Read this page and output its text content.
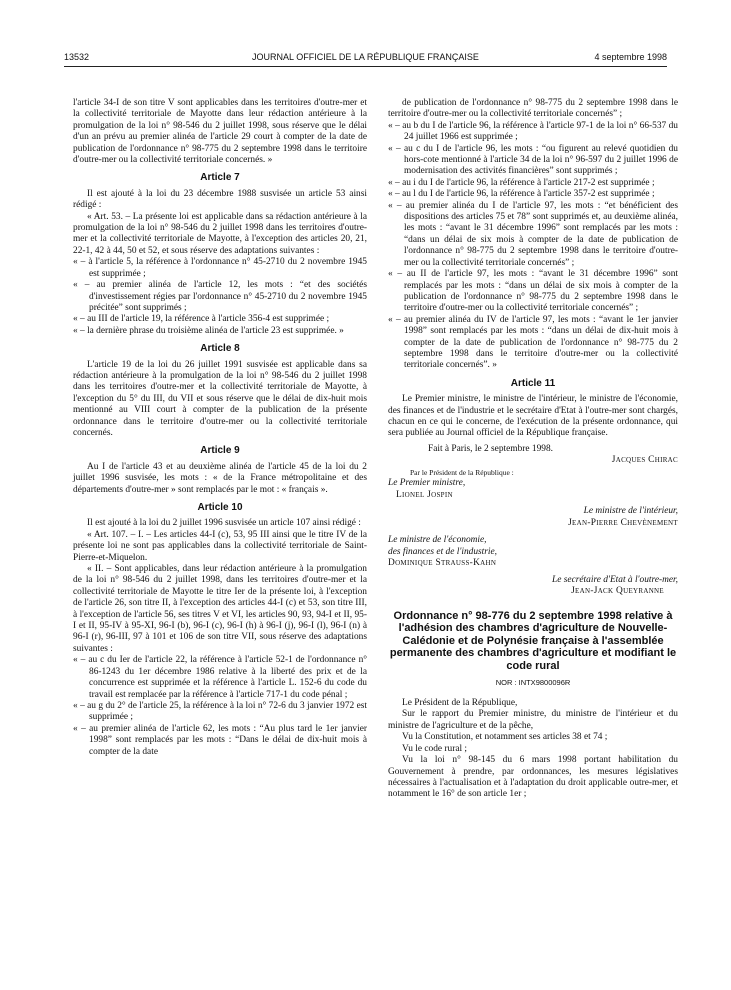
13532	JOURNAL OFFICIEL DE LA RÉPUBLIQUE FRANÇAISE	4 septembre 1998

l'article 34-I de son titre V sont applicables dans les territoires d'outre-mer et la collectivité territoriale de Mayotte dans leur rédaction antérieure à la promulgation de la loi n° 98-546 du 2 juillet 1998, sous réserve que le délai d'un an prévu au premier alinéa de l'article 29 court à compter de la date de publication de l'ordonnance n° 98-775 du 2 septembre 1998 dans le territoire d'outre-mer ou la collectivité territoriale concernés. »

Article 7

Il est ajouté à la loi du 23 décembre 1988 susvisée un article 53 ainsi rédigé :

« Art. 53. – La présente loi est applicable dans sa rédaction antérieure à la promulgation de la loi n° 98-546 du 2 juillet 1998 dans les territoires d'outre-mer et la collectivité territoriale de Mayotte, à l'exception des articles 20, 21, 22-1, 42 à 44, 50 et 52, et sous réserve des adaptations suivantes :

« – à l'article 5, la référence à l'ordonnance n° 45-2710 du 2 novembre 1945 est supprimée ;

« – au premier alinéa de l'article 12, les mots : “et des sociétés d'investissement régies par l'ordonnance n° 45-2710 du 2 novembre 1945 précitée” sont supprimés ;

« – au III de l'article 19, la référence à l'article 356-4 est supprimée ;

« – la dernière phrase du troisième alinéa de l'article 23 est supprimée. »

Article 8

L'article 19 de la loi du 26 juillet 1991 susvisée est applicable dans sa rédaction antérieure à la promulgation de la loi n° 98-546 du 2 juillet 1998 dans les territoires d'outre-mer et la collectivité territoriale de Mayotte, à l'exception du 5° du III, du VII et sous réserve que le délai de dix-huit mois mentionné au VIII court à compter de la publication de la présente ordonnance dans le territoire d'outre-mer ou la collectivité territoriale concernés.

Article 9

Au I de l'article 43 et au deuxième alinéa de l'article 45 de la loi du 2 juillet 1996 susvisée, les mots : « de la France métropolitaine et des départements d'outre-mer » sont remplacés par le mot : « français ».

Article 10

Il est ajouté à la loi du 2 juillet 1996 susvisée un article 107 ainsi rédigé :

« Art. 107. – I. – Les articles 44-I (c), 53, 95 III ainsi que le titre IV de la présente loi ne sont pas applicables dans la collectivité territoriale de Saint-Pierre-et-Miquelon.

« II. – Sont applicables, dans leur rédaction antérieure à la promulgation de la loi n° 98-546 du 2 juillet 1998, dans les territoires d'outre-mer et la collectivité territoriale de Mayotte le titre Ier de la présente loi, à l'exception de l'article 26, son titre II, à l'exception des articles 44-I (c) et 53, son titre III, à l'exception de l'article 56, ses titres V et VI, les articles 90, 93, 94-I et II, 95-I et II, 95-IV à 95-XI, 96-I (b), 96-I (c), 96-I (h) à 96-I (j), 96-I (l), 96-I (n) à 96-I (r), 96-III, 97 à 101 et 106 de son titre VII, sous réserve des adaptations suivantes :

« – au c du Ier de l'article 22, la référence à l'article 52-1 de l'ordonnance n° 86-1243 du 1er décembre 1986 relative à la liberté des prix et de la concurrence est supprimée et la référence à l'article L. 152-6 du code du travail est remplacée par la référence à l'article 717-1 du code pénal ;

« – au g du 2° de l'article 25, la référence à la loi n° 72-6 du 3 janvier 1972 est supprimée ;

« – au premier alinéa de l'article 62, les mots : “Au plus tard le 1er janvier 1998” sont remplacés par les mots : “Dans le délai de dix-huit mois à compter de la date

de publication de l'ordonnance n° 98-775 du 2 septembre 1998 dans le territoire d'outre-mer ou la collectivité territoriale concernés” ;

« – au b du I de l'article 96, la référence à l'article 97-1 de la loi n° 66-537 du 24 juillet 1966 est supprimée ;

« – au c du I de l'article 96, les mots : “ou figurent au relevé quotidien du hors-cote mentionné à l'article 34 de la loi n° 96-597 du 2 juillet 1996 de modernisation des activités financières” sont supprimés ;

« – au i du I de l'article 96, la référence à l'article 217-2 est supprimée ;

« – au l du I de l'article 96, la référence à l'article 357-2 est supprimée ;

« – au premier alinéa du I de l'article 97, les mots : “et bénéficient des dispositions des articles 75 et 78” sont supprimés et, au deuxième alinéa, les mots : “avant le 31 décembre 1996” sont remplacés par les mots : “dans un délai de six mois à compter de la date de publication de l'ordonnance n° 98-775 du 2 septembre 1998 dans le territoire d'outre-mer ou la collectivité territoriale concernés” ;

« – au II de l'article 97, les mots : “avant le 31 décembre 1996” sont remplacés par les mots : “dans un délai de six mois à compter de la publication de l'ordonnance n° 98-775 du 2 septembre 1998 dans le territoire d'outre-mer ou la collectivité territoriale concernés” ;

« – au premier alinéa du IV de l'article 97, les mots : “avant le 1er janvier 1998” sont remplacés par les mots : “dans un délai de dix-huit mois à compter de la date de publication de l'ordonnance n° 98-775 du 2 septembre 1998 dans le territoire d'outre-mer ou la collectivité territoriale concernés”. »

Article 11

Le Premier ministre, le ministre de l'intérieur, le ministre de l'économie, des finances et de l'industrie et le secrétaire d'Etat à l'outre-mer sont chargés, chacun en ce qui le concerne, de l'exécution de la présente ordonnance, qui sera publiée au Journal officiel de la République française.

Fait à Paris, le 2 septembre 1998.

Jacques Chirac

Par le Président de la République :

Le Premier ministre,

Lionel Jospin

Le ministre de l'intérieur,

Jean-Pierre Chevènement

Le ministre de l'économie,

des finances et de l'industrie,

Dominique Strauss-Kahn

Le secrétaire d'Etat à l'outre-mer,

Jean-Jack Queyranne

Ordonnance n° 98-776 du 2 septembre 1998 relative à l'adhésion des chambres d'agriculture de Nouvelle-Calédonie et de Polynésie française à l'assemblée permanente des chambres d'agriculture et modifiant le code rural
NOR : INTX9800096R

Le Président de la République,

Sur le rapport du Premier ministre, du ministre de l'intérieur et du ministre de l'agriculture et de la pêche,

Vu la Constitution, et notamment ses articles 38 et 74 ;

Vu le code rural ;

Vu la loi n° 98-145 du 6 mars 1998 portant habilitation du Gouvernement à prendre, par ordonnances, les mesures législatives nécessaires à l'actualisation et à l'adaptation du droit applicable outre-mer, et notamment le 16° de son article 1er ;
